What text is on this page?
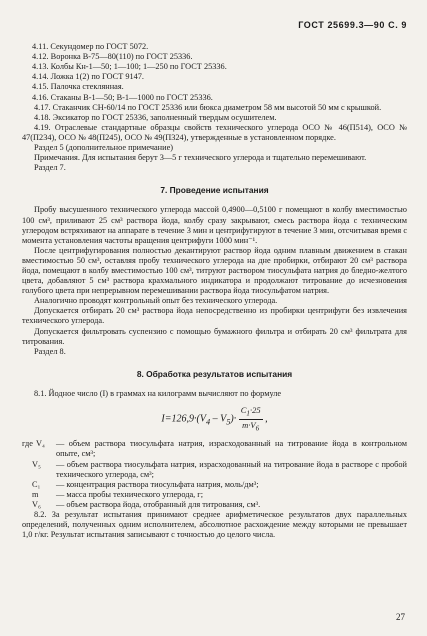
ГОСТ 25699.3—90 С. 9
4.11. Секундомер по ГОСТ 5072.
4.12. Воронка В-75—80(110) по ГОСТ 25336.
4.13. Колбы Кн-1—50; 1—100; 1—250 по ГОСТ 25336.
4.14. Ложка 1(2) по ГОСТ 9147.
4.15. Палочка стеклянная.
4.16. Стаканы В-1—50; В-1—1000 по ГОСТ 25336.
4.17. Стаканчик СН-60/14 по ГОСТ 25336 или бюкса диаметром 58 мм высотой 50 мм с крышкой.
4.18. Эксикатор по ГОСТ 25336, заполненный твердым осушителем.
4.19. Отраслевые стандартные образцы свойств технического углерода ОСО № 46(П514), ОСО № 47(П234), ОСО № 48(П245), ОСО № 49(П324), утвержденные в установленном порядке.
Раздел 5 (дополнительное примечание)
Примечания. Для испытания берут 3—5 г технического углерода и тщательно перемешивают.
Раздел 7.
7. Проведение испытания
Пробу высушенного технического углерода массой 0,4900—0,5100 г помещают в колбу вместимостью 100 см³, приливают 25 см³ раствора йода, колбу сразу закрывают, смесь раствора йода с техническим углеродом встряхивают на аппарате в течение 3 мин и центрифугируют в течение 3 мин, отсчитывая время с момента установления частоты вращения центрифуги 1000 мин⁻¹.
После центрифугирования полностью декантируют раствор йода одним плавным движением в стакан вместимостью 50 см³, оставляя пробу технического углерода на дне пробирки, отбирают 20 см³ раствора йода, помещают в колбу вместимостью 100 см³, титруют раствором тиосульфата натрия до бледно-желтого цвета, добавляют 5 см³ раствора крахмального индикатора и продолжают титрование до исчезновения голубого цвета при непрерывном перемешивании раствора йода тиосульфатом натрия.
Аналогично проводят контрольный опыт без технического углерода.
Допускается отбирать 20 см³ раствора йода непосредственно из пробирки центрифуги без извлечения технического углерода.
Допускается фильтровать суспензию с помощью бумажного фильтра и отбирать 20 см³ фильтрата для титрования.
Раздел 8.
8. Обработка результатов испытания
8.1. Йодное число (I) в граммах на килограмм вычисляют по формуле
$I=126,9\cdot(V_4 - V_5)\cdot \frac{C_1\cdot 25}{m\cdot V_6}$ ,
где V₄	— объем раствора тиосульфата натрия, израсходованный на титрование йода в контрольном опыте, см³;
V₅	— объем раствора тиосульфата натрия, израсходованный на титрование йода в растворе с пробой технического углерода, см³;
C₁	— концентрация раствора тиосульфата натрия, моль/дм³;
m	— масса пробы технического углерода, г;
V₆	— объем раствора йода, отобранный для титрования, см³.
8.2. За результат испытания принимают среднее арифметическое результатов двух параллельных определений, полученных одним исполнителем, абсолютное расхождение между которыми не превышает 1,0 г/кг. Результат испытания записывают с точностью до целого числа.
27
